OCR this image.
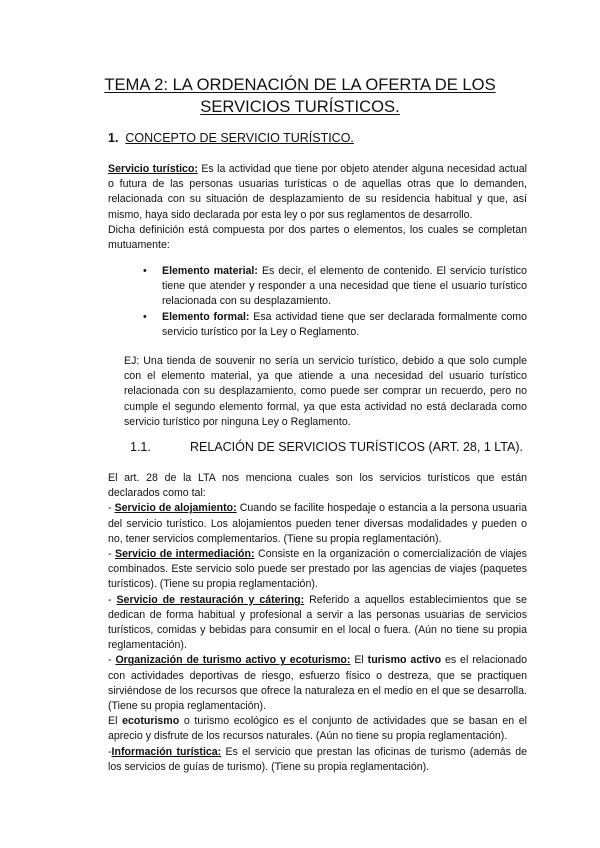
TEMA 2: LA ORDENACIÓN DE LA OFERTA DE LOS
SERVICIOS TURÍSTICOS.
1. CONCEPTO DE SERVICIO TURÍSTICO.

Servicio turístico: Es la actividad que tiene por objeto atender alguna necesidad actual o futura de las personas usuarias turísticas o de aquellas otras que lo demanden, relacionada con su situación de desplazamiento de su residencia habitual y que, así mismo, haya sido declarada por esta ley o por sus reglamentos de desarrollo.

Dicha definición está compuesta por dos partes o elementos, los cuales se completan mutuamente:

• Elemento material: Es decir, el elemento de contenido. El servicio turístico tiene que atender y responder a una necesidad que tiene el usuario turístico relacionada con su desplazamiento.
• Elemento formal: Esa actividad tiene que ser declarada formalmente como servicio turístico por la Ley o Reglamento.
EJ: Una tienda de souvenir no sería un servicio turístico, debido a que solo cumple con el elemento material, ya que atiende a una necesidad del usuario turístico relacionada con su desplazamiento, como puede ser comprar un recuerdo, pero no cumple el segundo elemento formal, ya que esta actividad no está declarada como servicio turístico por ninguna Ley o Reglamento.
1.1.	RELACIÓN DE SERVICIOS TURÍSTICOS (ART. 28, 1 LTA).

El art. 28 de la LTA nos menciona cuales son los servicios turísticos que están declarados como tal:

- Servicio de alojamiento: Cuando se facilite hospedaje o estancia a la persona usuaria del servicio turístico. Los alojamientos pueden tener diversas modalidades y pueden o no, tener servicios complementarios. (Tiene su propia reglamentación).

- Servicio de intermediación: Consiste en la organización o comercialización de viajes combinados. Este servicio solo puede ser prestado por las agencias de viajes (paquetes turísticos). (Tiene su propia reglamentación).

- Servicio de restauración y cátering: Referido a aquellos establecimientos que se dedican de forma habitual y profesional a servir a las personas usuarias de servicios turísticos, comidas y bebidas para consumir en el local o fuera. (Aún no tiene su propia reglamentación).

- Organización de turismo activo y ecoturismo: El turismo activo es el relacionado con actividades deportivas de riesgo, esfuerzo físico o destreza, que se practiquen sirviéndose de los recursos que ofrece la naturaleza en el medio en el que se desarrolla. (Tiene su propia reglamentación).

El ecoturismo o turismo ecológico es el conjunto de actividades que se basan en el aprecio y disfrute de los recursos naturales. (Aún no tiene su propia reglamentación).

-Información turística: Es el servicio que prestan las oficinas de turismo (además de los servicios de guías de turismo). (Tiene su propia reglamentación).
